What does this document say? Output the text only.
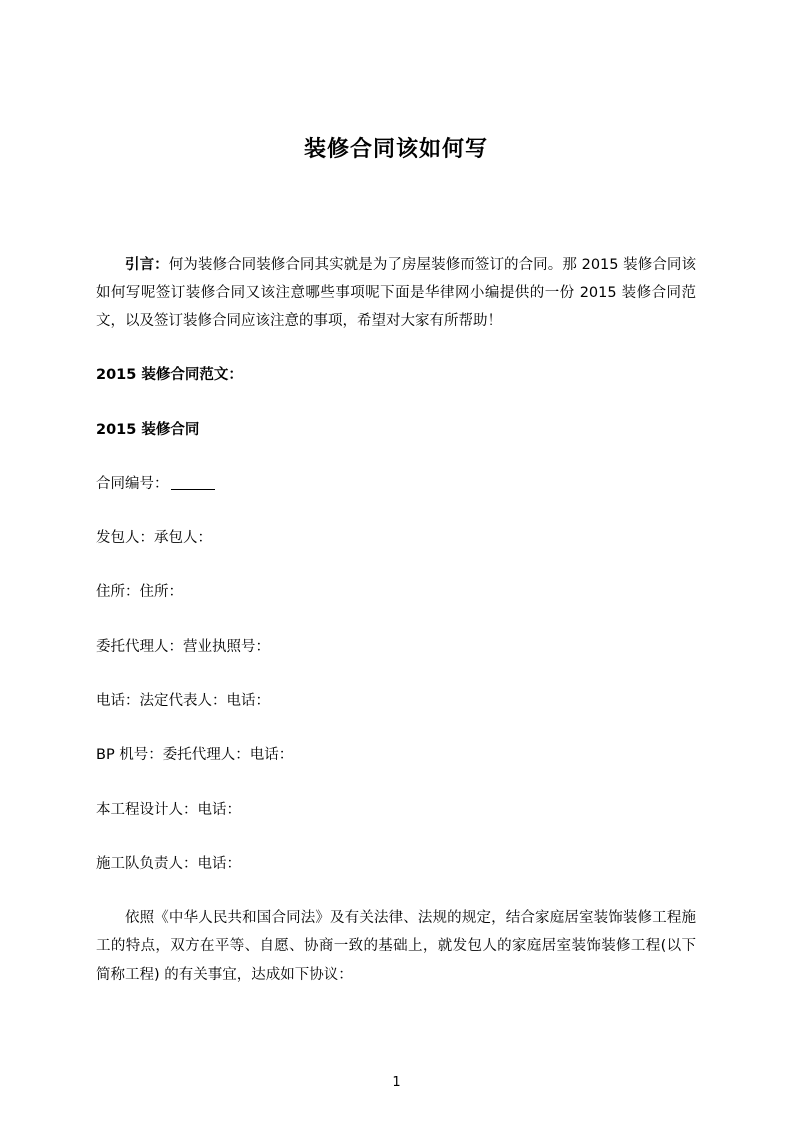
装修合同该如何写
引言：何为装修合同装修合同其实就是为了房屋装修而签订的合同。那 2015 装修合同该如何写呢签订装修合同又该注意哪些事项呢下面是华律网小编提供的一份 2015 装修合同范文，以及签订装修合同应该注意的事项，希望对大家有所帮助！
2015 装修合同范文：
2015 装修合同
合同编号：
发包人：承包人：
住所：住所：
委托代理人：营业执照号：
电话：法定代表人：电话：
BP 机号：委托代理人：电话：
本工程设计人：电话：
施工队负责人：电话：
依照《中华人民共和国合同法》及有关法律、法规的规定，结合家庭居室装饰装修工程施工的特点，双方在平等、自愿、协商一致的基础上，就发包人的家庭居室装饰装修工程(以下简称工程) 的有关事宜，达成如下协议：
1
